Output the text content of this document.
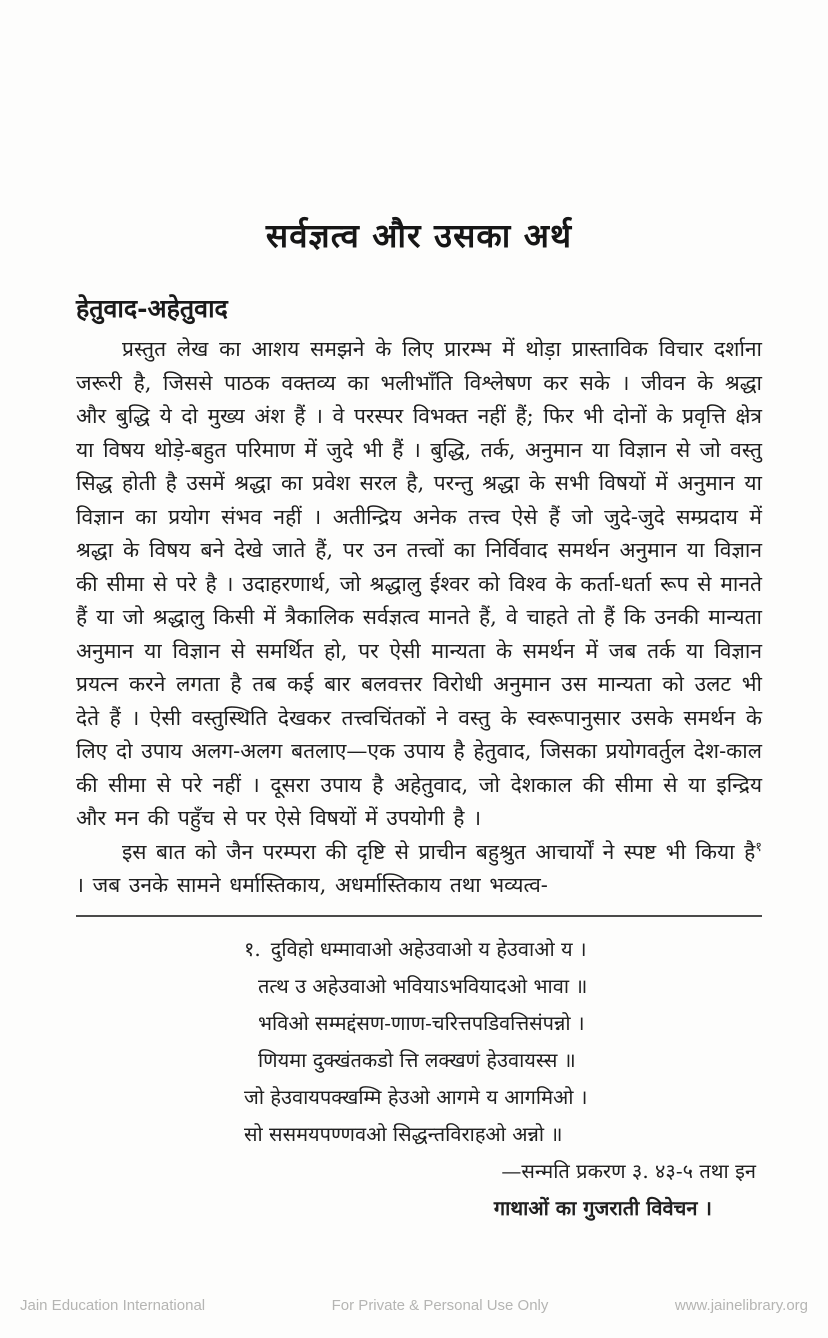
सर्वज्ञत्व और उसका अर्थ
हेतुवाद-अहेतुवाद

प्रस्तुत लेख का आशय समझने के लिए प्रारम्भ में थोड़ा प्रास्ताविक विचार दर्शाना जरूरी है, जिससे पाठक वक्तव्य का भलीभाँति विश्लेषण कर सके । जीवन के श्रद्धा और बुद्धि ये दो मुख्य अंश हैं । वे परस्पर विभक्त नहीं हैं; फिर भी दोनों के प्रवृत्ति क्षेत्र या विषय थोड़े-बहुत परिमाण में जुदे भी हैं । बुद्धि, तर्क, अनुमान या विज्ञान से जो वस्तु सिद्ध होती है उसमें श्रद्धा का प्रवेश सरल है, परन्तु श्रद्धा के सभी विषयों में अनुमान या विज्ञान का प्रयोग संभव नहीं । अतीन्द्रिय अनेक तत्त्व ऐसे हैं जो जुदे-जुदे सम्प्रदाय में श्रद्धा के विषय बने देखे जाते हैं, पर उन तत्त्वों का निर्विवाद समर्थन अनुमान या विज्ञान की सीमा से परे है । उदाहरणार्थ, जो श्रद्धालु ईश्वर को विश्व के कर्ता-धर्ता रूप से मानते हैं या जो श्रद्धालु किसी में त्रैकालिक सर्वज्ञत्व मानते हैं, वे चाहते तो हैं कि उनकी मान्यता अनुमान या विज्ञान से समर्थित हो, पर ऐसी मान्यता के समर्थन में जब तर्क या विज्ञान प्रयत्न करने लगता है तब कई बार बलवत्तर विरोधी अनुमान उस मान्यता को उलट भी देते हैं । ऐसी वस्तुस्थिति देखकर तत्त्वचिंतकों ने वस्तु के स्वरूपानुसार उसके समर्थन के लिए दो उपाय अलग-अलग बतलाए—एक उपाय है हेतुवाद, जिसका प्रयोगवर्तुल देश-काल की सीमा से परे नहीं । दूसरा उपाय है अहेतुवाद, जो देशकाल की सीमा से या इन्द्रिय और मन की पहुँच से पर ऐसे विषयों में उपयोगी है ।

इस बात को जैन परम्परा की दृष्टि से प्राचीन बहुश्रुत आचार्यों ने स्पष्ट भी किया है$^१$ । जब उनके सामने धर्मास्तिकाय, अधर्मास्तिकाय तथा भव्यत्व-

१. दुविहो धम्मावाओ अहेउवाओ य हेउवाओ य ।
तत्थ उ अहेउवाओ भवियाऽभवियादओ भावा ॥
भविओ सम्मद्दंसण-णाण-चरित्तपडिवत्तिसंपन्नो ।
णियमा दुक्खंतकडो त्ति लक्खणं हेउवायस्स ॥
जो हेउवायपक्खम्मि हेउओ आगमे य आगमिओ ।
सो ससमयपण्णवओ सिद्धन्तविराहओ अन्नो ॥
—सन्मति प्रकरण ३. ४३-५ तथा इन
गाथाओं का गुजराती विवेचन ।
Jain Education International	For Private & Personal Use Only	www.jainelibrary.org
